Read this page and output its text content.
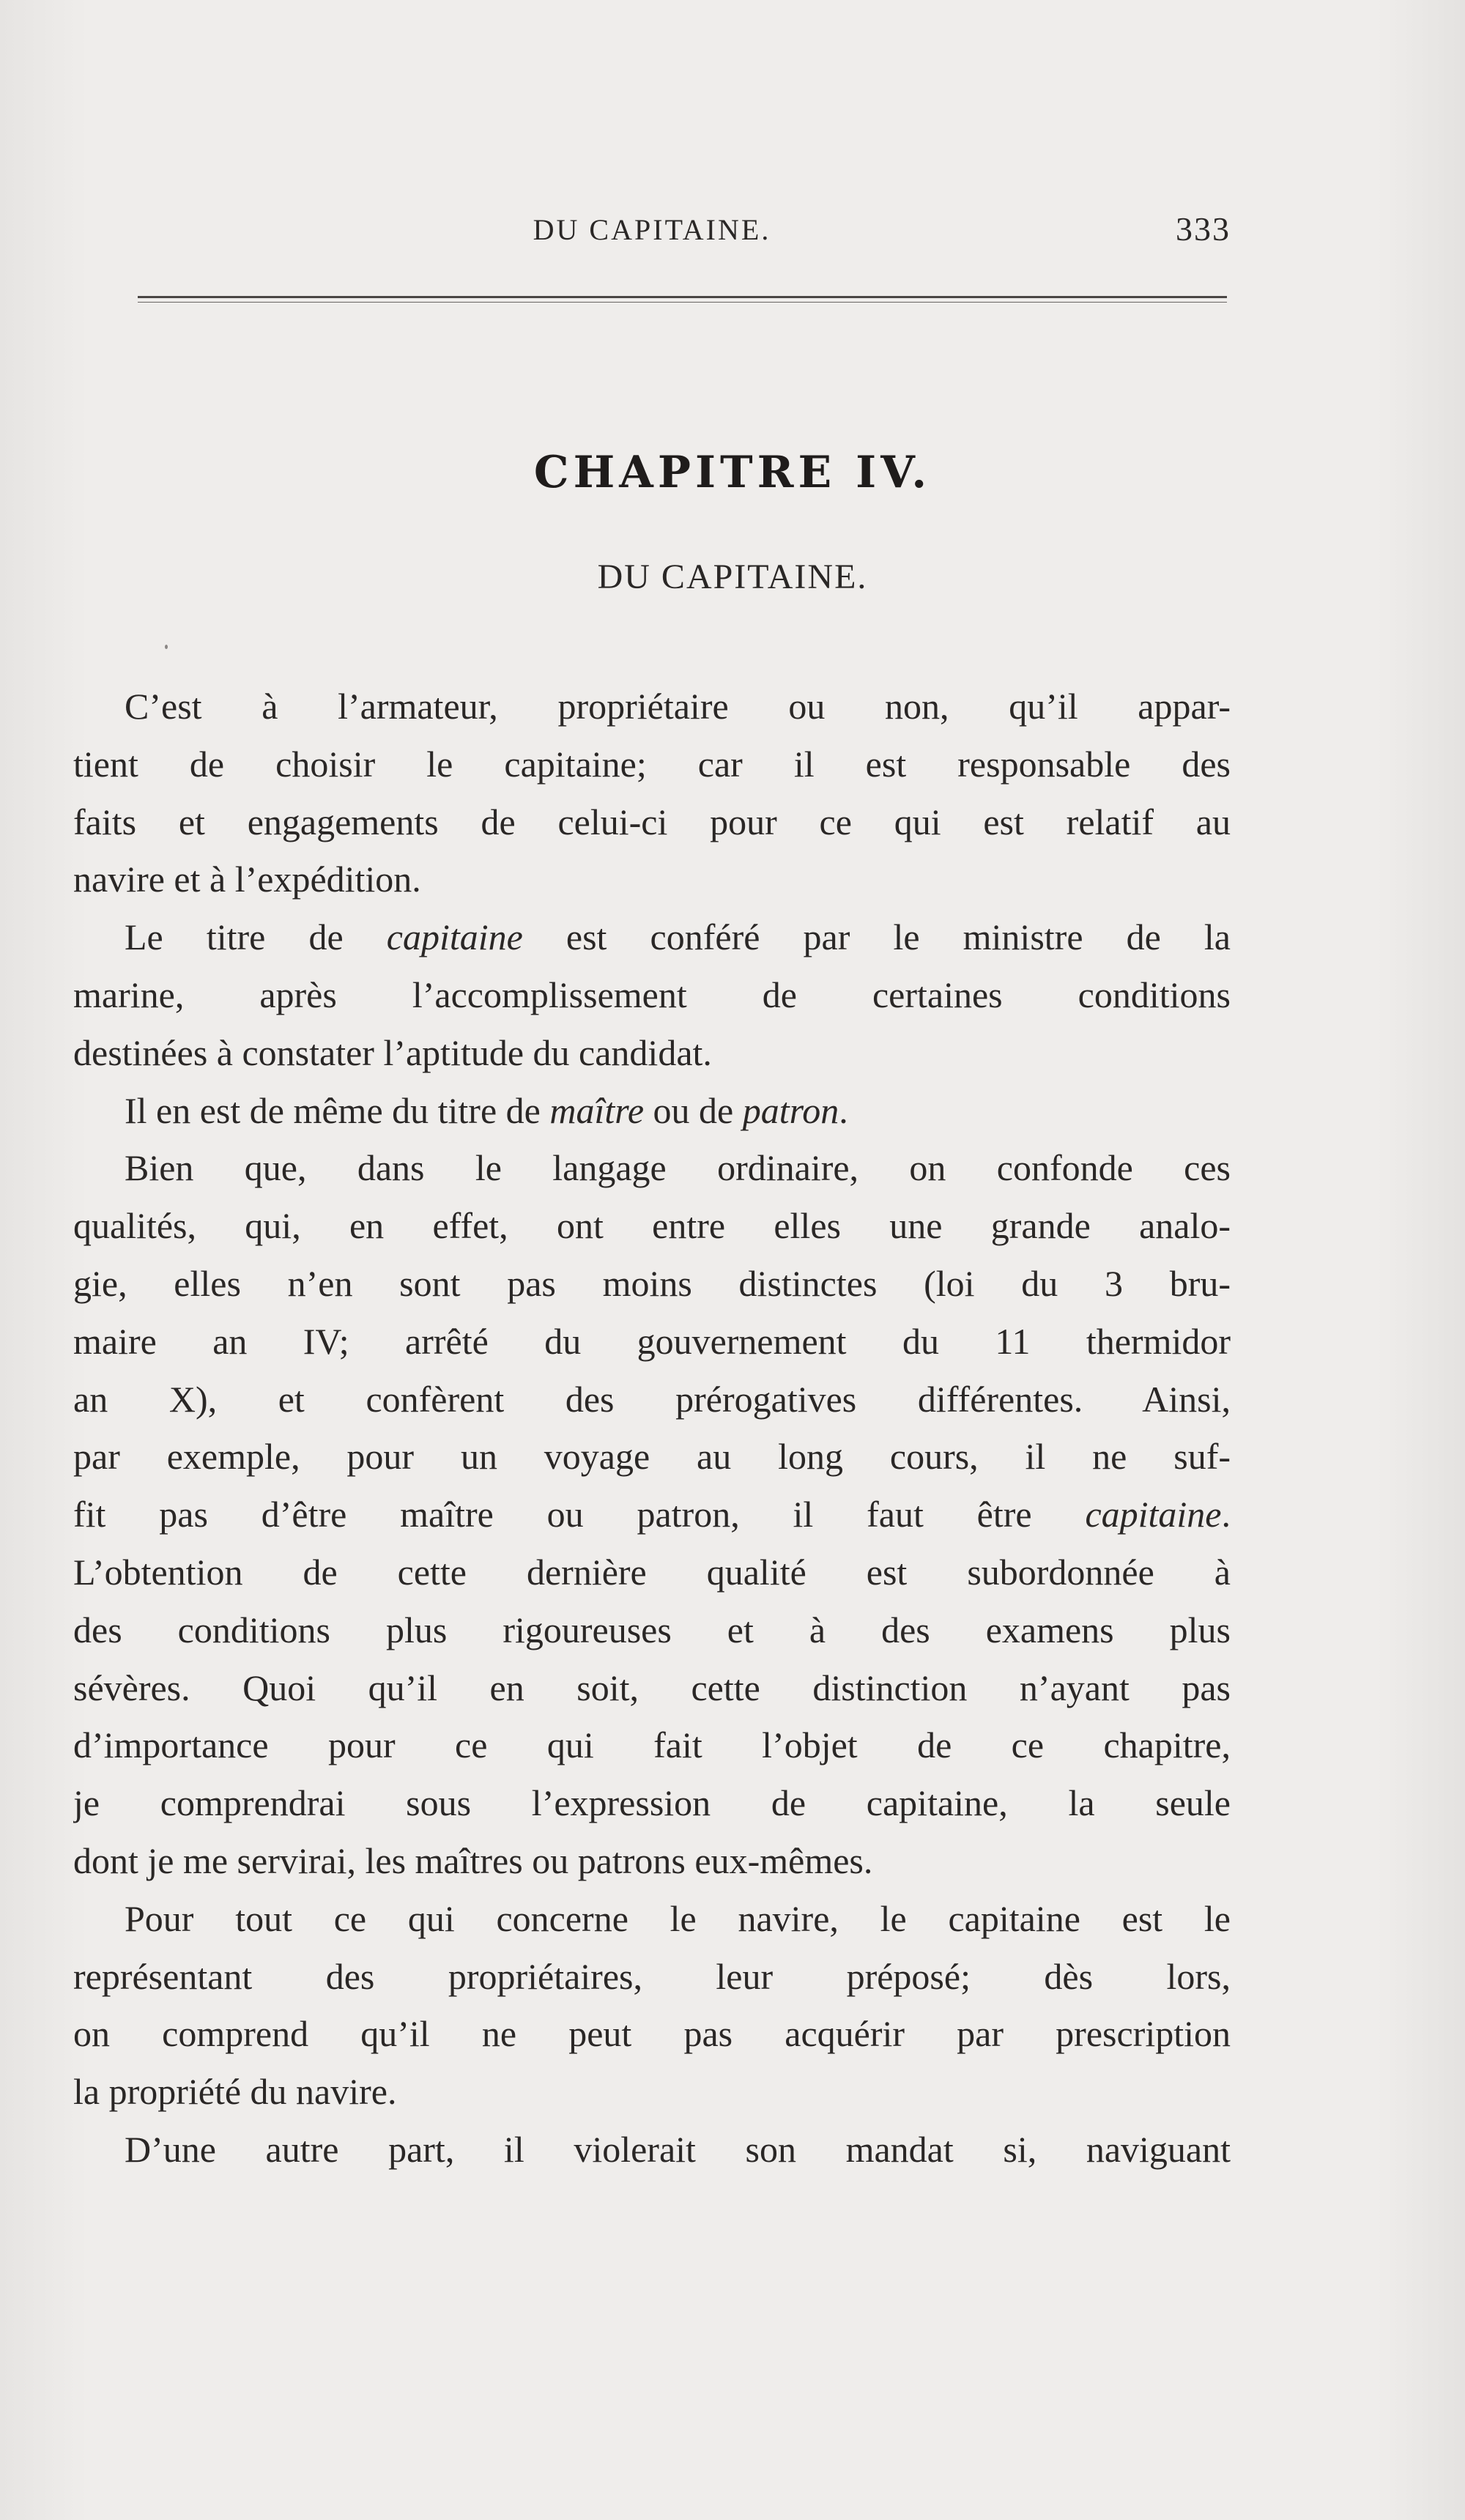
DU CAPITAINE.	333
CHAPITRE IV.
DU CAPITAINE.
C’est à l’armateur, propriétaire ou non, qu’il appar-
tient de choisir le capitaine; car il est responsable des
faits et engagements de celui-ci pour ce qui est relatif au
navire et à l’expédition.
Le titre de capitaine est conféré par le ministre de la
marine, après l’accomplissement de certaines conditions
destinées à constater l’aptitude du candidat.
Il en est de même du titre de maître ou de patron.
Bien que, dans le langage ordinaire, on confonde ces
qualités, qui, en effet, ont entre elles une grande analo-
gie, elles n’en sont pas moins distinctes (loi du 3 bru-
maire an IV; arrêté du gouvernement du 11 thermidor
an X), et confèrent des prérogatives différentes. Ainsi,
par exemple, pour un voyage au long cours, il ne suf-
fit pas d’être maître ou patron, il faut être capitaine.
L’obtention de cette dernière qualité est subordonnée à
des conditions plus rigoureuses et à des examens plus
sévères. Quoi qu’il en soit, cette distinction n’ayant pas
d’importance pour ce qui fait l’objet de ce chapitre,
je comprendrai sous l’expression de capitaine, la seule
dont je me servirai, les maîtres ou patrons eux-mêmes.
Pour tout ce qui concerne le navire, le capitaine est le
représentant des propriétaires, leur préposé; dès lors,
on comprend qu’il ne peut pas acquérir par prescription
la propriété du navire.
D’une autre part, il violerait son mandat si, naviguant
